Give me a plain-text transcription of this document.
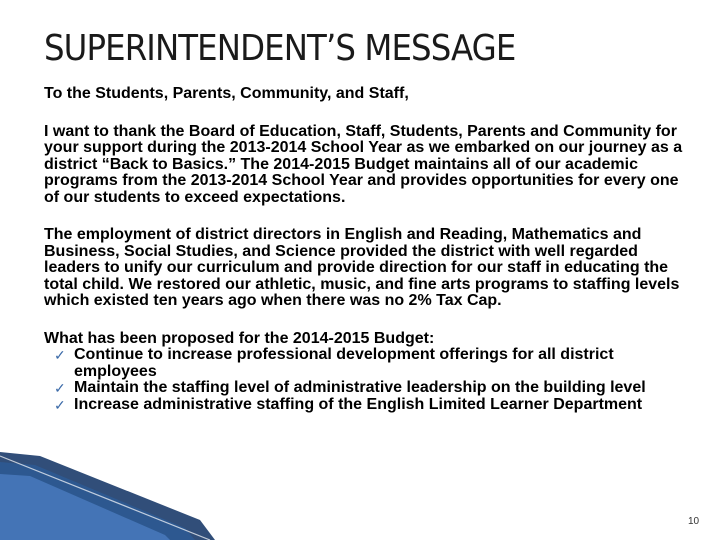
SUPERINTENDENT’S MESSAGE

To the Students, Parents, Community, and Staff,

I want to thank the Board of Education, Staff, Students, Parents and Community for your support during the 2013-2014 School Year as we embarked on our journey as a district “Back to Basics.” The 2014-2015 Budget maintains all of our academic programs from the 2013-2014 School Year and provides opportunities for every one of our students to exceed expectations.

The employment of district directors in English and Reading, Mathematics and Business, Social Studies, and Science provided the district with well regarded leaders to unify our curriculum and provide direction for our staff in educating the total child. We restored our athletic, music, and fine arts programs to staffing levels which existed ten years ago when there was no 2% Tax Cap.

What has been proposed for the 2014-2015 Budget:

✓ Continue to increase professional development offerings for all district employees
✓ Maintain the staffing level of administrative leadership on the building level
✓ Increase administrative staffing of the English Limited Learner Department
10
